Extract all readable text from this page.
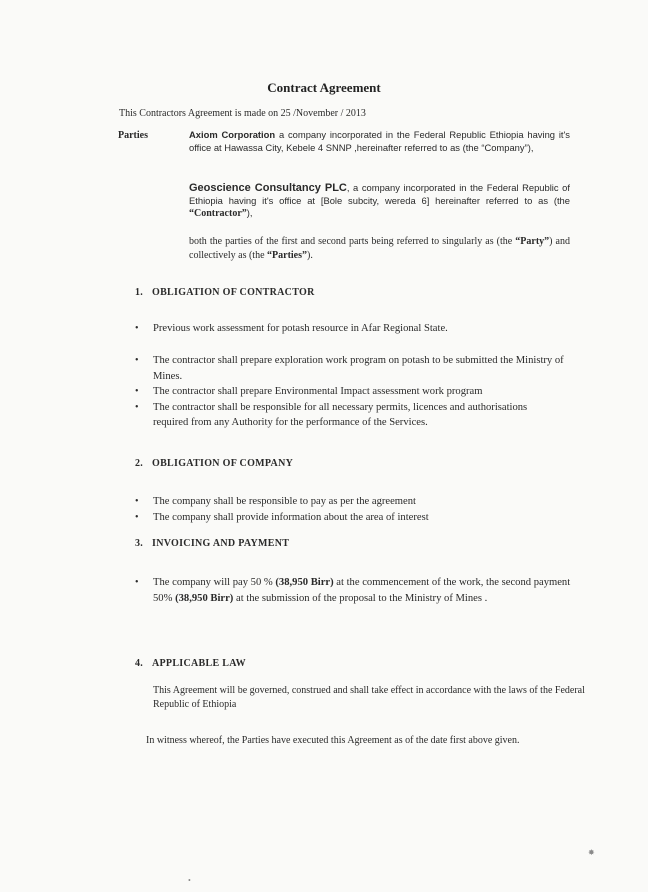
Contract Agreement
This Contractors Agreement is made on 25 /November / 2013
Parties	Axiom Corporation a company incorporated in the Federal Republic Ethiopia having it's office at Hawassa City, Kebele 4 SNNP ,hereinafter referred to as (the “Company”),
Geoscience Consultancy PLC, a company incorporated in the Federal Republic of Ethiopia having it's office at [Bole subcity, wereda 6] hereinafter referred to as (the “Contractor”),
both the parties of the first and second parts being referred to singularly as (the “Party”) and collectively as (the “Parties”).
1. OBLIGATION OF CONTRACTOR
• Previous work assessment for potash resource in Afar Regional State.
• The contractor shall prepare exploration work program on potash to be submitted the Ministry of Mines.
• The contractor shall prepare Environmental Impact assessment work program
• The contractor shall be responsible for all necessary permits, licences and authorisations required from any Authority for the performance of the Services.
2. OBLIGATION OF COMPANY
• The company shall be responsible to pay as per the agreement
• The company shall provide information about the area of interest
3. INVOICING AND PAYMENT
• The company will pay 50 % (38,950 Birr) at the commencement of the work, the second payment 50% (38,950 Birr) at the submission of the proposal to the Ministry of Mines .
4. APPLICABLE LAW
This Agreement will be governed, construed and shall take effect in accordance with the laws of the Federal Republic of Ethiopia
In witness whereof, the Parties have executed this Agreement as of the date first above given.
✸
•
